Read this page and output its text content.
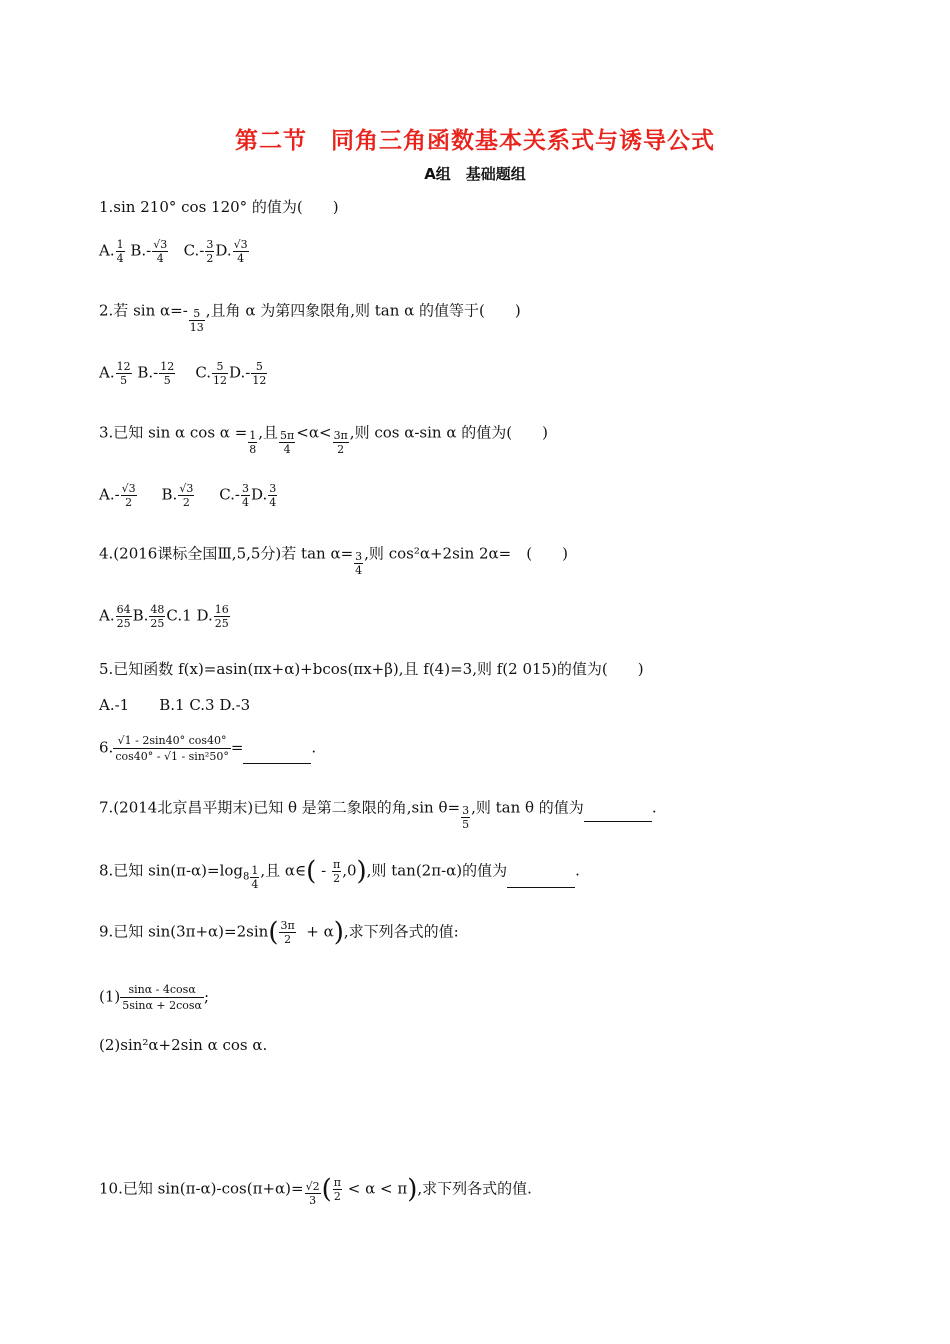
第二节　同角三角函数基本关系式与诱导公式
A组　基础题组
1.sin 210° cos 120° 的值为(　　)
A. $\frac{1}{4} B.- \frac{√3}{4} C.- \frac{3}{2} D$. $\frac{√3}{4}$
2.若 $\sin \alpha=- \frac{5}{13}$ ,且角 α 为第四象限角,则 tan α 的值等于(　　)
A. $\frac{12}{5} B.- \frac{12}{5} C$. $\frac{5}{12} D.- \frac{5}{12}$
3.已知 sin α $\cos \alpha = \frac{1}{8}$ ,且 $\frac{5\pi}{4} <\alpha< \frac{3\pi}{2}$ ,则 cos α-sin α 的值为(　　)
$A.- \frac{√3}{2} B$. $\frac{√3}{2} C.- \frac{3}{4} D$. $\frac{3}{4}$
4.(2016课标全国Ⅲ,5,5分)若 $\tan \alpha= \frac{3}{4}$ ,则 cos²α+2sin 2α=　(　　)
A. $\frac{64}{25} B$. $\frac{48}{25} C.1$ D. $\frac{16}{25}$
5.已知函数 f(x)=asin(πx+α)+bcos(πx+β),且 f(4)=3,则 f(2 015)的值为(　　)
A.-1　　B.1 C.3 D.-3
6. $\frac{√1 - 2\sin 40^\circ \cos 40^\circ}{\text{cos40° - √1 - sin²50°}}$ =	.
7.(2014北京昌平期末)已知 θ 是第二象限的角,sin $\theta= \frac{3}{5}$ ,则 tan θ 的值为	.
8.已知 $\sin(\pi-\alpha)=\log_8 \frac{1}{4}$ ,且 α∈( - $\frac{\pi}{2} ,0$),则 tan(2π-α)的值为	.
9.已知 $\sin(3\pi+\alpha)=2\sin( \frac{3\pi}{2} + \alpha)$,求下列各式的值:
$(1) \frac{\sin\alpha - 4\cos\alpha}{5\sin\alpha + 2\cos\alpha}$ ;
(2)sin²α+2sin α cos α.
10.已知 $\sin(\pi-\alpha)-\cos(\pi+\alpha)= \frac{√2}{3}$ ( $\frac{\pi}{2} < \alpha < \pi$),求下列各式的值.
